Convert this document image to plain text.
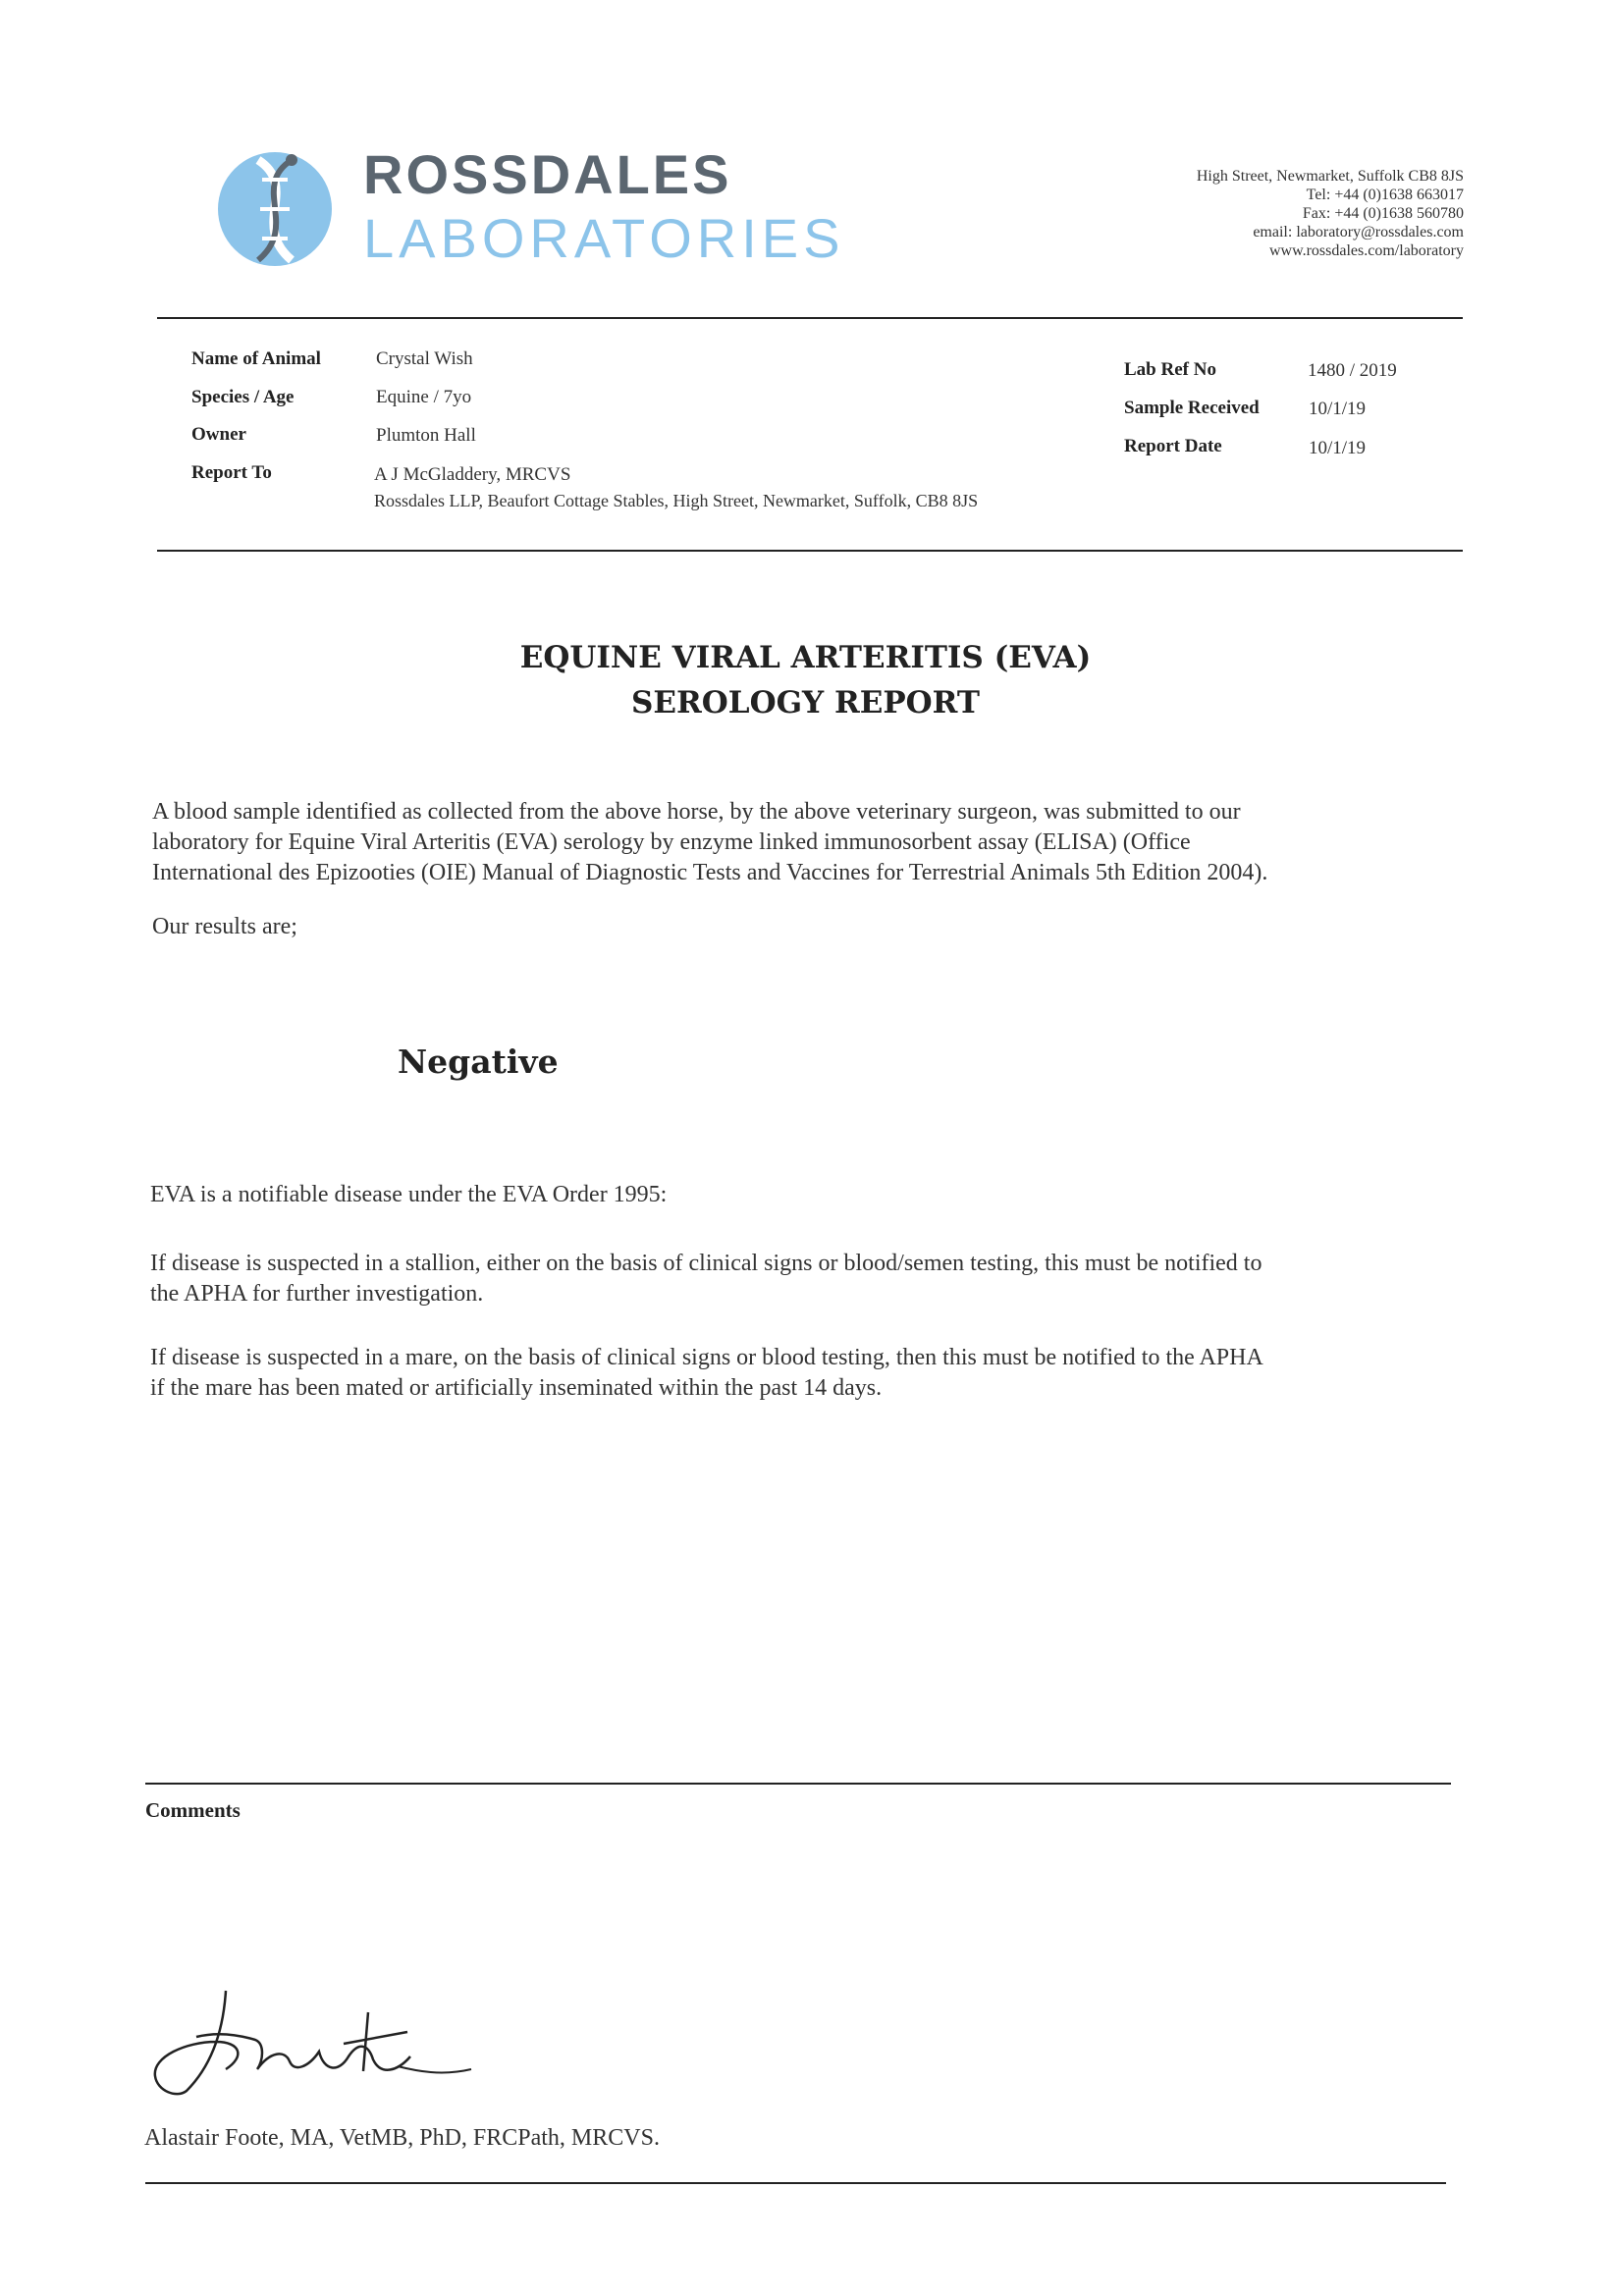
ROSSDALES
LABORATORIES
High Street, Newmarket, Suffolk CB8 8JS
Tel: +44 (0)1638 663017
Fax: +44 (0)1638 560780
email: laboratory@rossdales.com
www.rossdales.com/laboratory
Name of Animal	Crystal Wish
Species / Age	Equine / 7yo
Owner	Plumton Hall
Report To	A J McGladdery, MRCVS
Rossdales LLP, Beaufort Cottage Stables, High Street, Newmarket, Suffolk, CB8 8JS
Lab Ref No	1480 / 2019
Sample Received	10/1/19
Report Date	10/1/19
EQUINE VIRAL ARTERITIS (EVA)
SEROLOGY REPORT
A blood sample identified as collected from the above horse, by the above veterinary surgeon, was submitted to our
laboratory for Equine Viral Arteritis (EVA) serology by enzyme linked immunosorbent assay (ELISA) (Office
International des Epizooties (OIE) Manual of Diagnostic Tests and Vaccines for Terrestrial Animals 5th Edition 2004).
Our results are;
Negative
EVA is a notifiable disease under the EVA Order 1995:
If disease is suspected in a stallion, either on the basis of clinical signs or blood/semen testing, this must be notified to
the APHA for further investigation.
If disease is suspected in a mare, on the basis of clinical signs or blood testing, then this must be notified to the APHA
if the mare has been mated or artificially inseminated within the past 14 days.
Comments
Alastair Foote, MA, VetMB, PhD, FRCPath, MRCVS.
